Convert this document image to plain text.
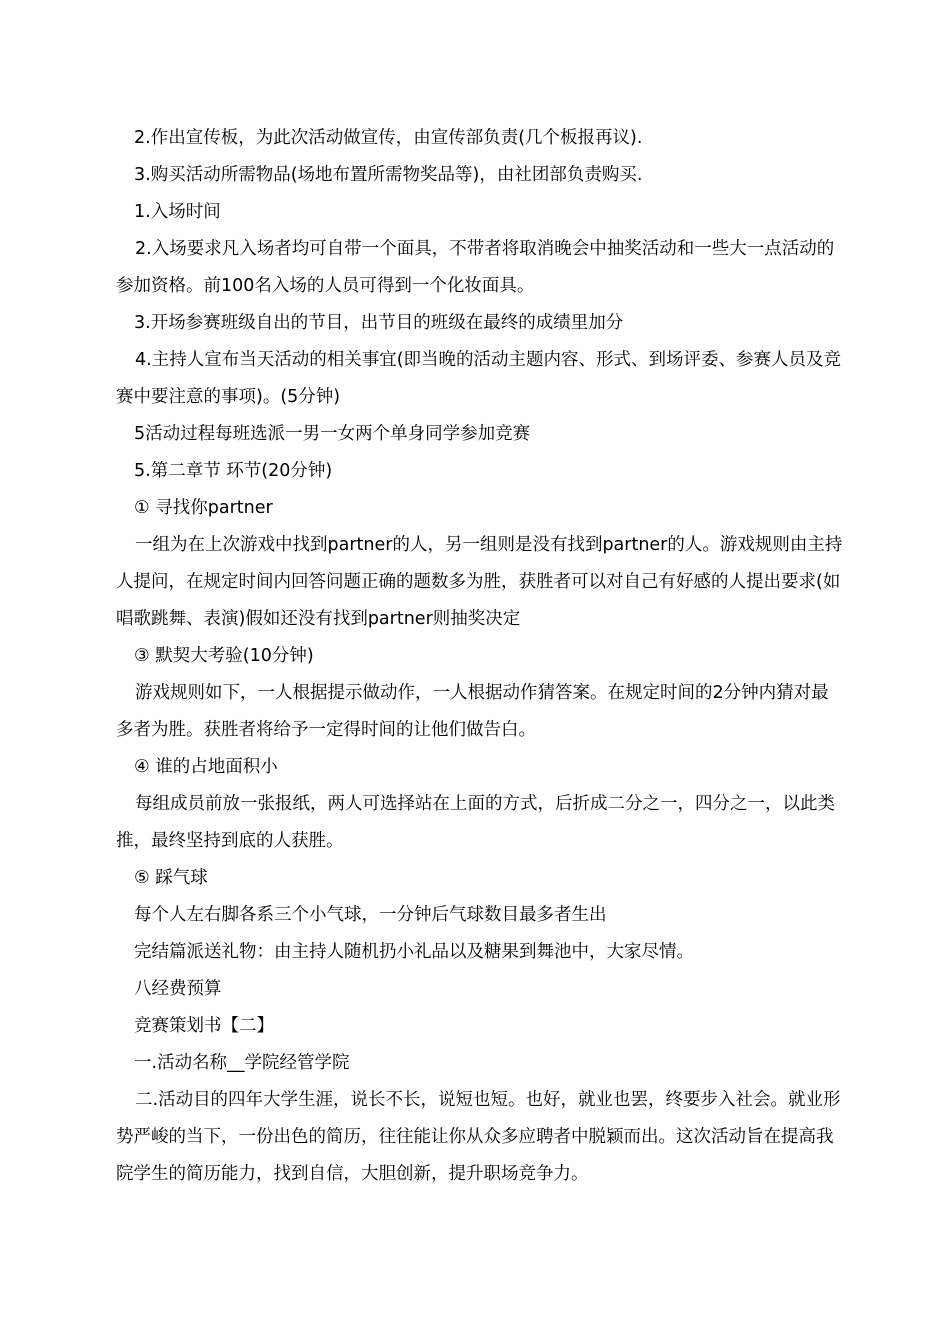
2.作出宣传板，为此次活动做宣传，由宣传部负责(几个板报再议).
3.购买活动所需物品(场地布置所需物奖品等)，由社团部负责购买.
1.入场时间
2.入场要求凡入场者均可自带一个面具，不带者将取消晚会中抽奖活动和一些大一点活动的参加资格。前100名入场的人员可得到一个化妆面具。
3.开场参赛班级自出的节目，出节目的班级在最终的成绩里加分
4.主持人宣布当天活动的相关事宜(即当晚的活动主题内容、形式、到场评委、参赛人员及竞赛中要注意的事项)。(5分钟)
5活动过程每班选派一男一女两个单身同学参加竞赛
5.第二章节 环节(20分钟)
① 寻找你partner
一组为在上次游戏中找到partner的人，另一组则是没有找到partner的人。游戏规则由主持人提问，在规定时间内回答问题正确的题数多为胜，获胜者可以对自己有好感的人提出要求(如唱歌跳舞、表演)假如还没有找到partner则抽奖决定
③ 默契大考验(10分钟)
游戏规则如下，一人根据提示做动作，一人根据动作猜答案。在规定时间的2分钟内猜对最多者为胜。获胜者将给予一定得时间的让他们做告白。
④ 谁的占地面积小
每组成员前放一张报纸，两人可选择站在上面的方式，后折成二分之一，四分之一，以此类推，最终坚持到底的人获胜。
⑤ 踩气球
每个人左右脚各系三个小气球，一分钟后气球数目最多者生出
完结篇派送礼物：由主持人随机扔小礼品以及糖果到舞池中，大家尽情。
八经费预算
竞赛策划书【二】
一.活动名称__学院经管学院
二.活动目的四年大学生涯，说长不长，说短也短。也好，就业也罢，终要步入社会。就业形势严峻的当下，一份出色的简历，往往能让你从众多应聘者中脱颖而出。这次活动旨在提高我院学生的简历能力，找到自信，大胆创新，提升职场竞争力。
